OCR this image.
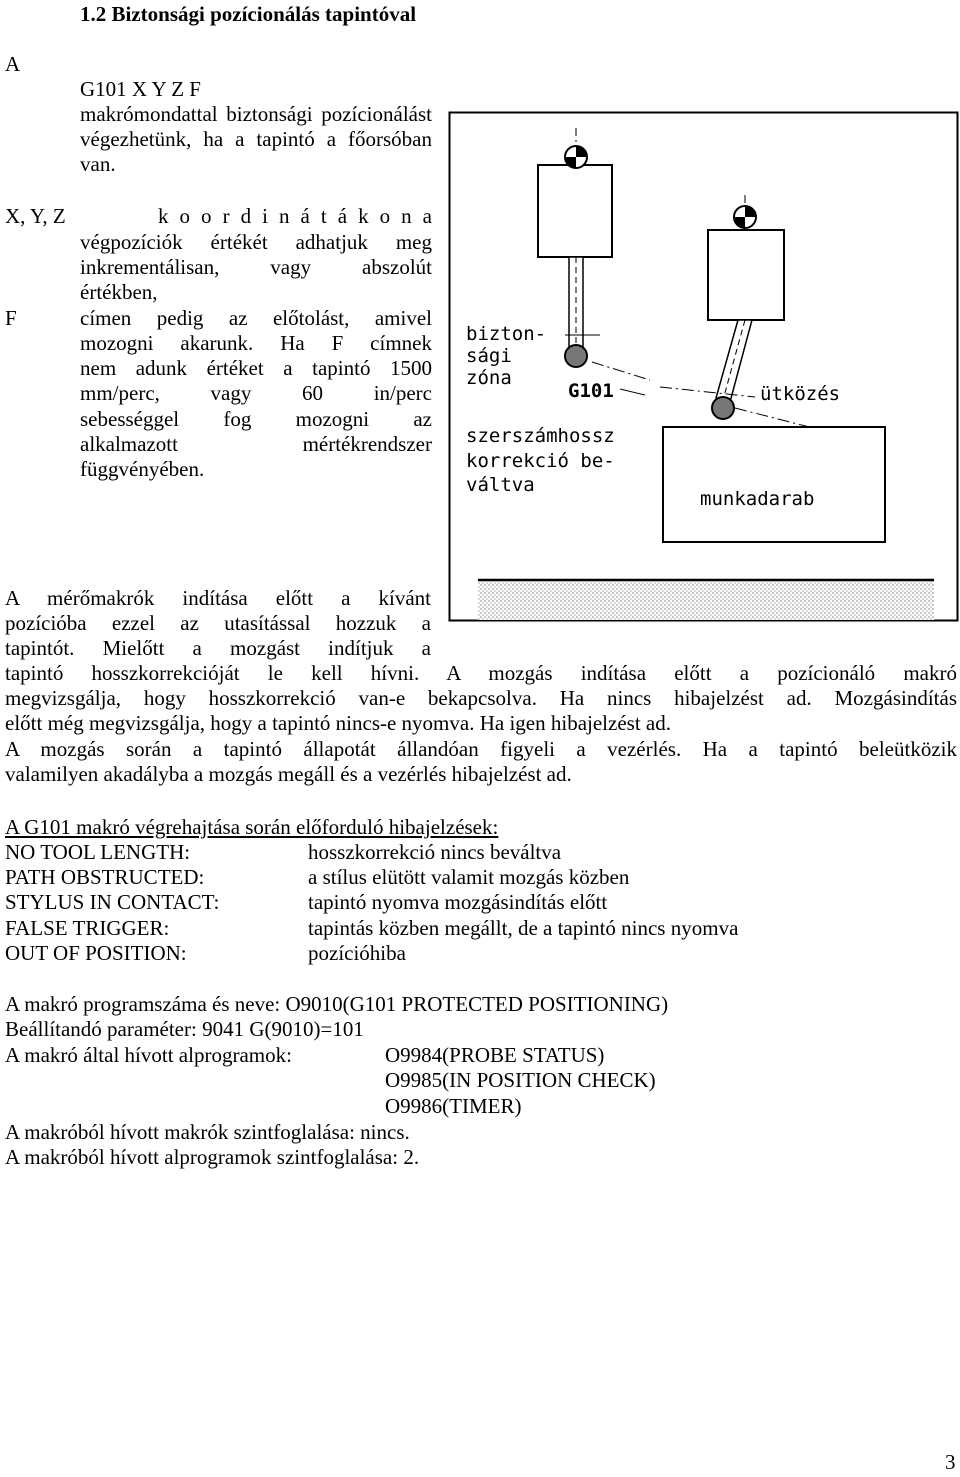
1.2 Biztonsági pozícionálás tapintóval
A
G101 X Y Z F
makrómondattal biztonsági pozícionálást
végezhetünk, ha a tapintó a főorsóban
van.
X, Y, Z	k o o r d i n á t á k o n a
végpozíciók értékét adhatjuk meg
inkrementálisan, vagy abszolút
értékben,
F	címen pedig az előtolást, amivel
mozogni akarunk. Ha F címnek
nem adunk értéket a tapintó 1500
mm/perc, vagy 60 in/perc
sebességgel fog mozogni az
alkalmazott mértékrendszer
függvényében.
bizton-
sági
zóna
G101	ütközés
szerszámhossz
korrekció be-
váltva
munkadarab
A mérőmakrók indítása előtt a kívánt
pozícióba ezzel az utasítással hozzuk a
tapintót. Mielőtt a mozgást indítjuk a
tapintó hosszkorrekcióját le kell hívni. A mozgás indítása előtt a pozícionáló makró
megvizsgálja, hogy hosszkorrekció van-e bekapcsolva. Ha nincs hibajelzést ad. Mozgásindítás
előtt még megvizsgálja, hogy a tapintó nincs-e nyomva. Ha igen hibajelzést ad.
A mozgás során a tapintó állapotát állandóan figyeli a vezérlés. Ha a tapintó beleütközik
valamilyen akadályba a mozgás megáll és a vezérlés hibajelzést ad.
A G101 makró végrehajtása során előforduló hibajelzések:
NO TOOL LENGTH:	hosszkorrekció nincs beváltva
PATH OBSTRUCTED:	a stílus elütött valamit mozgás közben
STYLUS IN CONTACT:	tapintó nyomva mozgásindítás előtt
FALSE TRIGGER:	tapintás közben megállt, de a tapintó nincs nyomva
OUT OF POSITION:	pozícióhiba
A makró programszáma és neve: O9010(G101 PROTECTED POSITIONING)
Beállítandó paraméter: 9041 G(9010)=101
A makró által hívott alprogramok:	O9984(PROBE STATUS)
O9985(IN POSITION CHECK)
O9986(TIMER)
A makróból hívott makrók szintfoglalása: nincs.
A makróból hívott alprogramok szintfoglalása: 2.
3
